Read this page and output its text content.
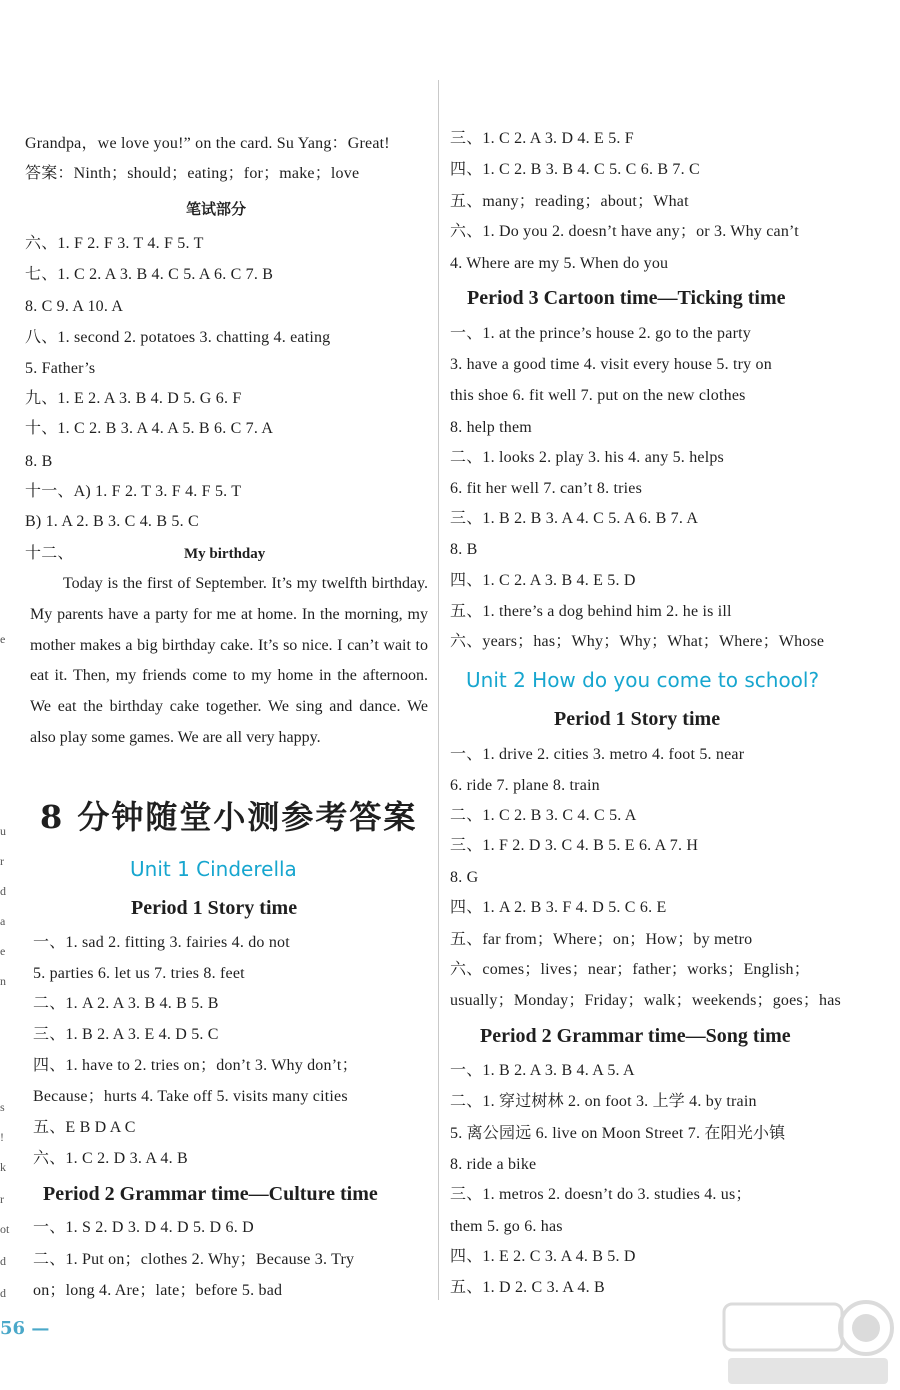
Grandpa，we love you!” on the card. Su Yang：Great!
答案：Ninth；should；eating；for；make；love
笔试部分
六、1. F 2. F 3. T 4. F 5. T
七、1. C 2. A 3. B 4. C 5. A 6. C 7. B
8. C 9. A 10. A
八、1. second 2. potatoes 3. chatting 4. eating
5. Father’s
九、1. E 2. A 3. B 4. D 5. G 6. F
十、1. C 2. B 3. A 4. A 5. B 6. C 7. A
8. B
十一、A) 1. F 2. T 3. F 4. F 5. T
B) 1. A 2. B 3. C 4. B 5. C
十二、	My birthday
Today is the first of September. It’s my twelfth birthday. My parents have a party for me at home. In the morning, my mother makes a big birthday cake. It’s so nice. I can’t wait to eat it. Then, my friends come to my home in the afternoon. We eat the birthday cake together. We sing and dance. We also play some games. We are all very happy.
8 分钟随堂小测参考答案
Unit 1 Cinderella
Period 1 Story time
一、1. sad 2. fitting 3. fairies 4. do not
5. parties 6. let us 7. tries 8. feet
二、1. A 2. A 3. B 4. B 5. B
三、1. B 2. A 3. E 4. D 5. C
四、1. have to 2. tries on；don’t 3. Why don’t；
Because；hurts 4. Take off 5. visits many cities
五、E B D A C
六、1. C 2. D 3. A 4. B
Period 2 Grammar time—Culture time
一、1. S 2. D 3. D 4. D 5. D 6. D
二、1. Put on；clothes 2. Why；Because 3. Try
on；long 4. Are；late；before 5. bad
三、1. C 2. A 3. D 4. E 5. F
四、1. C 2. B 3. B 4. C 5. C 6. B 7. C
五、many；reading；about；What
六、1. Do you 2. doesn’t have any；or 3. Why can’t
4. Where are my 5. When do you
Period 3 Cartoon time—Ticking time
一、1. at the prince’s house 2. go to the party
3. have a good time 4. visit every house 5. try on
this shoe 6. fit well 7. put on the new clothes
8. help them
二、1. looks 2. play 3. his 4. any 5. helps
6. fit her well 7. can’t 8. tries
三、1. B 2. B 3. A 4. C 5. A 6. B 7. A
8. B
四、1. C 2. A 3. B 4. E 5. D
五、1. there’s a dog behind him 2. he is ill
六、years；has；Why；Why；What；Where；Whose
Unit 2 How do you come to school?
Period 1 Story time
一、1. drive 2. cities 3. metro 4. foot 5. near
6. ride 7. plane 8. train
二、1. C 2. B 3. C 4. C 5. A
三、1. F 2. D 3. C 4. B 5. E 6. A 7. H
8. G
四、1. A 2. B 3. F 4. D 5. C 6. E
五、far from；Where；on；How；by metro
六、comes；lives；near；father；works；English；
usually；Monday；Friday；walk；weekends；goes；has
Period 2 Grammar time—Song time
一、1. B 2. A 3. B 4. A 5. A
二、1. 穿过树林 2. on foot 3. 上学 4. by train
5. 离公园远 6. live on Moon Street 7. 在阳光小镇
8. ride a bike
三、1. metros 2. doesn’t do 3. studies 4. us；
them 5. go 6. has
四、1. E 2. C 3. A 4. B 5. D
五、1. D 2. C 3. A 4. B
e
u
r
d
a
e
n
s
!
k
r
ot
d
d
56 —
